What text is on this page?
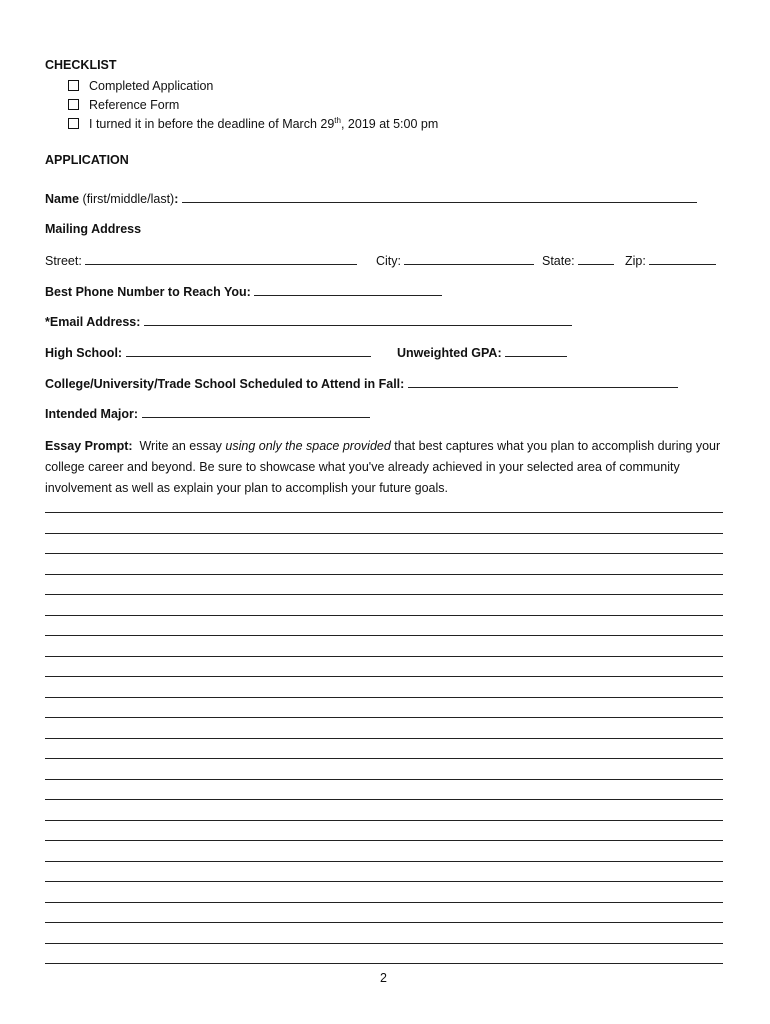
CHECKLIST
Completed Application
Reference Form
I turned it in before the deadline of March 29th, 2019 at 5:00 pm
APPLICATION
Name (first/middle/last):
Mailing Address
Street:	City:	State:	Zip:
Best Phone Number to Reach You:
*Email Address:
High School:	Unweighted GPA:
College/University/Trade School Scheduled to Attend in Fall:
Intended Major:
Essay Prompt: Write an essay using only the space provided that best captures what you plan to accomplish during your college career and beyond. Be sure to showcase what you've already achieved in your selected area of community involvement as well as explain your plan to accomplish your future goals.
2
